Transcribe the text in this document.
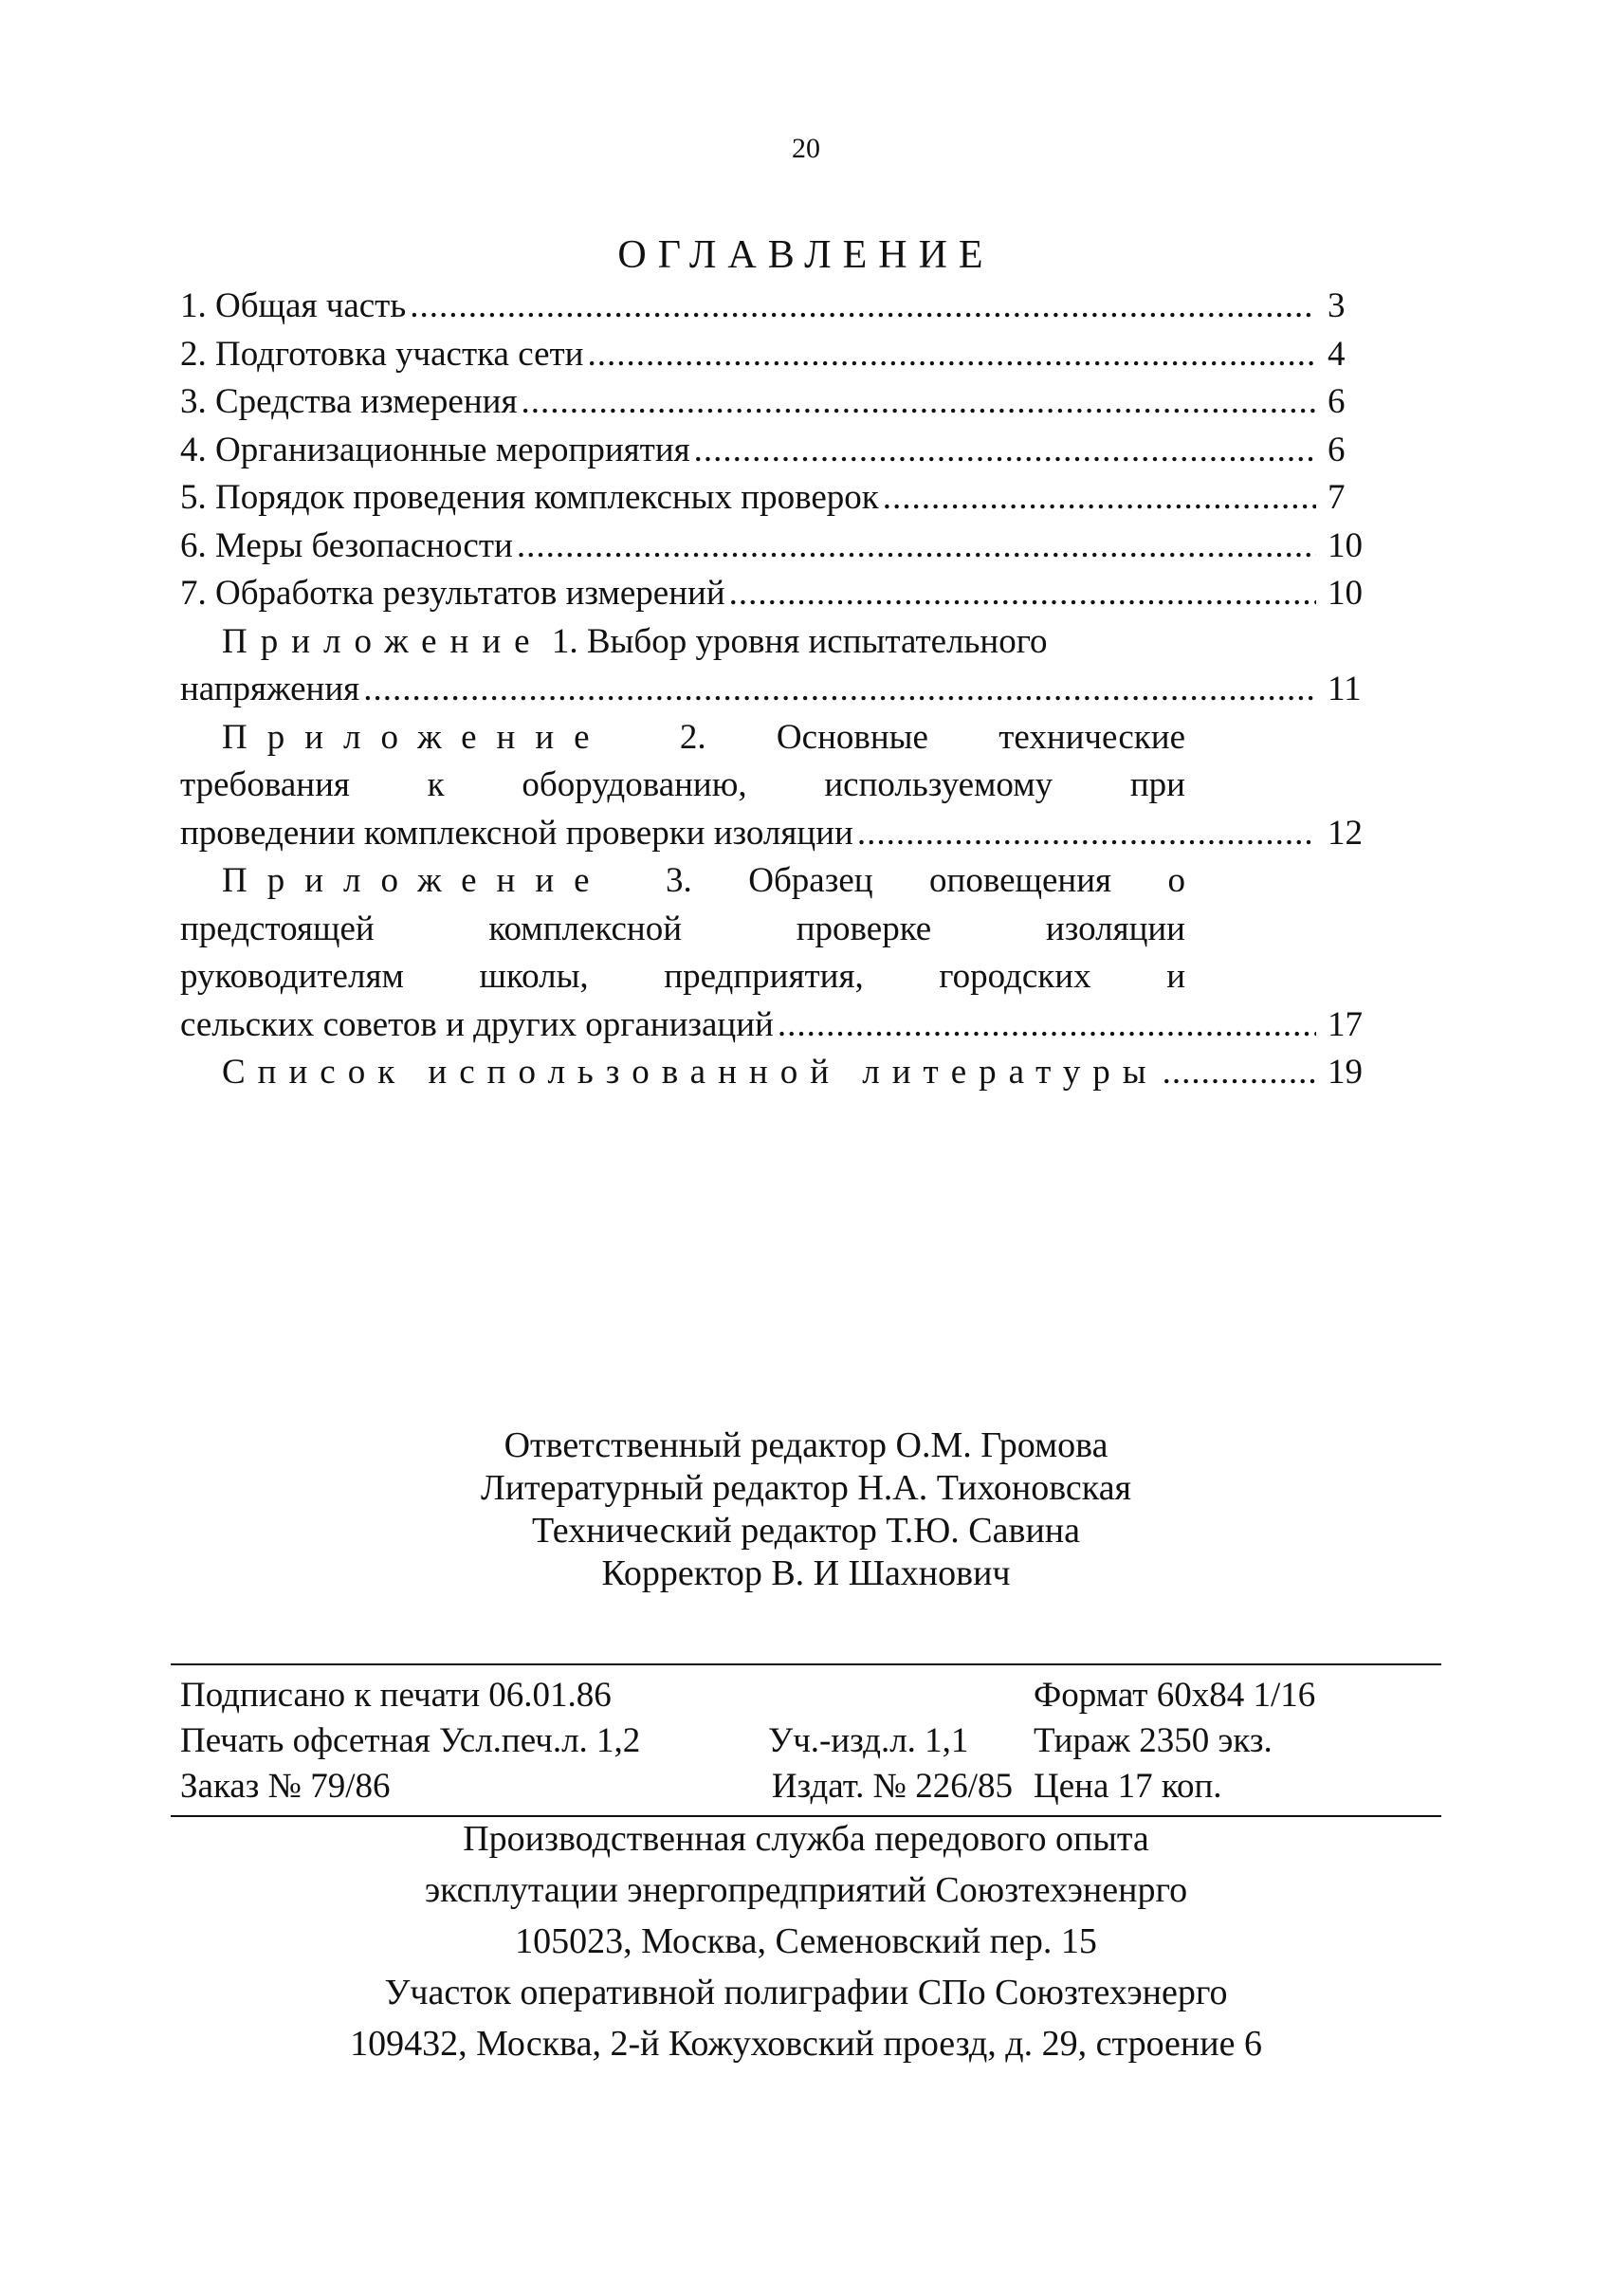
20
ОГЛАВЛЕНИЕ
1. Общая часть .....	3
2. Подготовка участка сети .....	4
3. Средства измерения .....	6
4. Организационные мероприятия .....	6
5. Порядок проведения комплексных проверок .....	7
6. Меры безопасности .....	10
7. Обработка результатов измерений .....	10
Приложение 1. Выбор уровня испытательного
напряжения .....	11
Приложение 2. Основные технические
требования к оборудованию, используемому при
проведении комплексной проверки изоляции .....	12
Приложение 3. Образец оповещения о
предстоящей комплексной проверке изоляции
руководителям школы, предприятия, городских и
сельских советов и других организаций .....	17
Список использованной литературы .....	19
Ответственный редактор О.М. Громова
Литературный редактор Н.А. Тихоновская
Технический редактор Т.Ю. Савина
Корректор В. И Шахнович
Подписано к печати 06.01.86		Формат 60х84 1/16
Печать офсетная Усл.печ.л. 1,2	Уч.-изд.л. 1,1	Тираж 2350 экз.
Заказ № 79/86	Издат. № 226/85	Цена 17 коп.
Производственная служба передового опыта
эксплутации энергопредприятий Союзтехэненрго
105023, Москва, Семеновский пер. 15
Участок оперативной полиграфии СПо Союзтехэнерго
109432, Москва, 2-й Кожуховский проезд, д. 29, строение 6
